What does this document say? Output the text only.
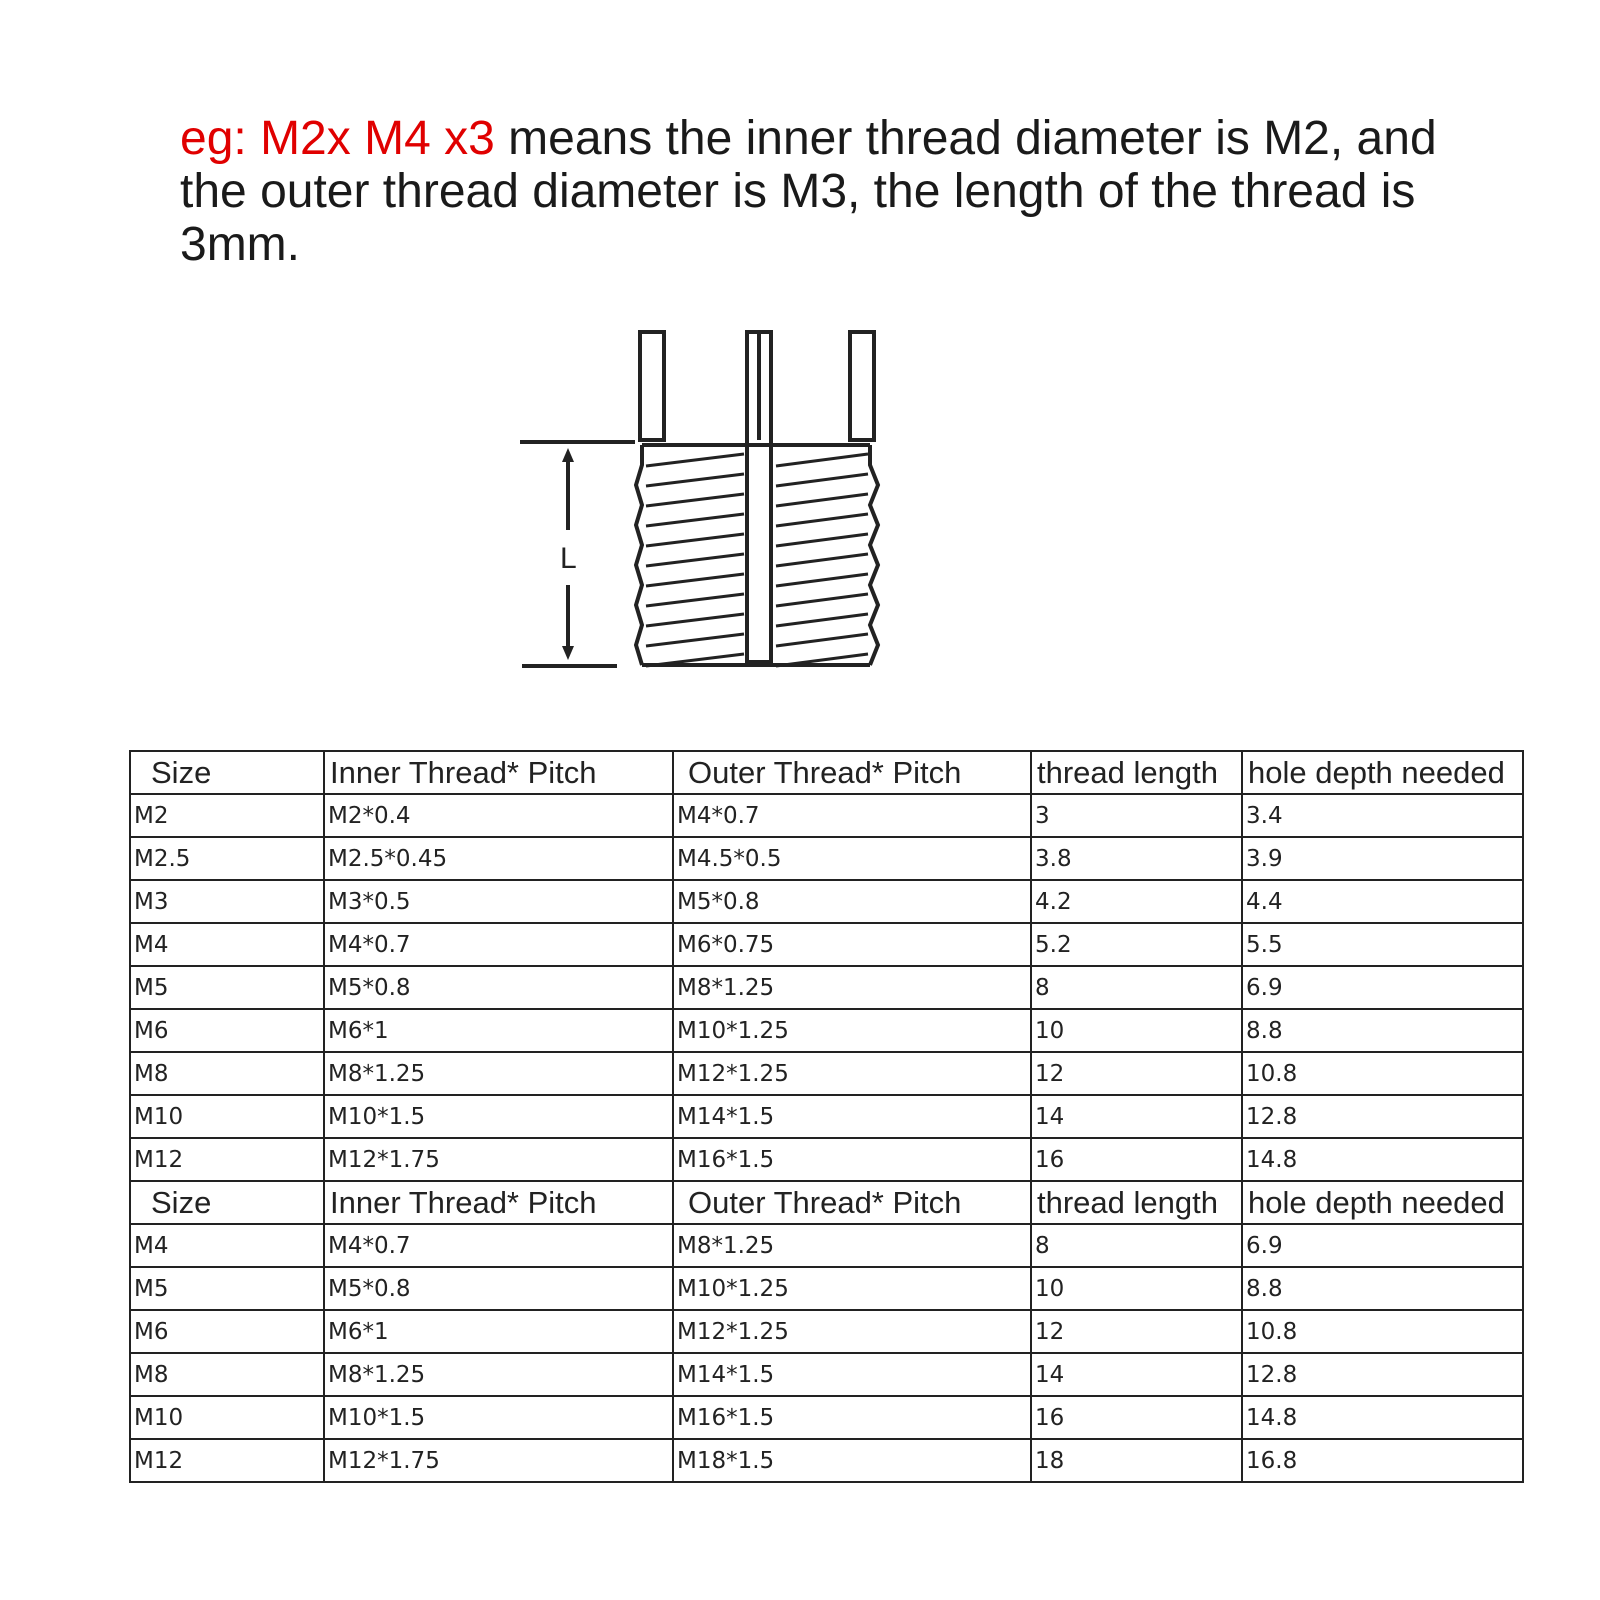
eg: M2x M4 x3 means the inner thread diameter is M2, and the outer thread diameter is M3, the length of the thread is 3mm.
L
Size	Inner Thread* Pitch	Outer Thread* Pitch	thread length	hole depth needed
M2	M2*0.4	M4*0.7	3	3.4
M2.5	M2.5*0.45	M4.5*0.5	3.8	3.9
M3	M3*0.5	M5*0.8	4.2	4.4
M4	M4*0.7	M6*0.75	5.2	5.5
M5	M5*0.8	M8*1.25	8	6.9
M6	M6*1	M10*1.25	10	8.8
M8	M8*1.25	M12*1.25	12	10.8
M10	M10*1.5	M14*1.5	14	12.8
M12	M12*1.75	M16*1.5	16	14.8
Size	Inner Thread* Pitch	Outer Thread* Pitch	thread length	hole depth needed
M4	M4*0.7	M8*1.25	8	6.9
M5	M5*0.8	M10*1.25	10	8.8
M6	M6*1	M12*1.25	12	10.8
M8	M8*1.25	M14*1.5	14	12.8
M10	M10*1.5	M16*1.5	16	14.8
M12	M12*1.75	M18*1.5	18	16.8
